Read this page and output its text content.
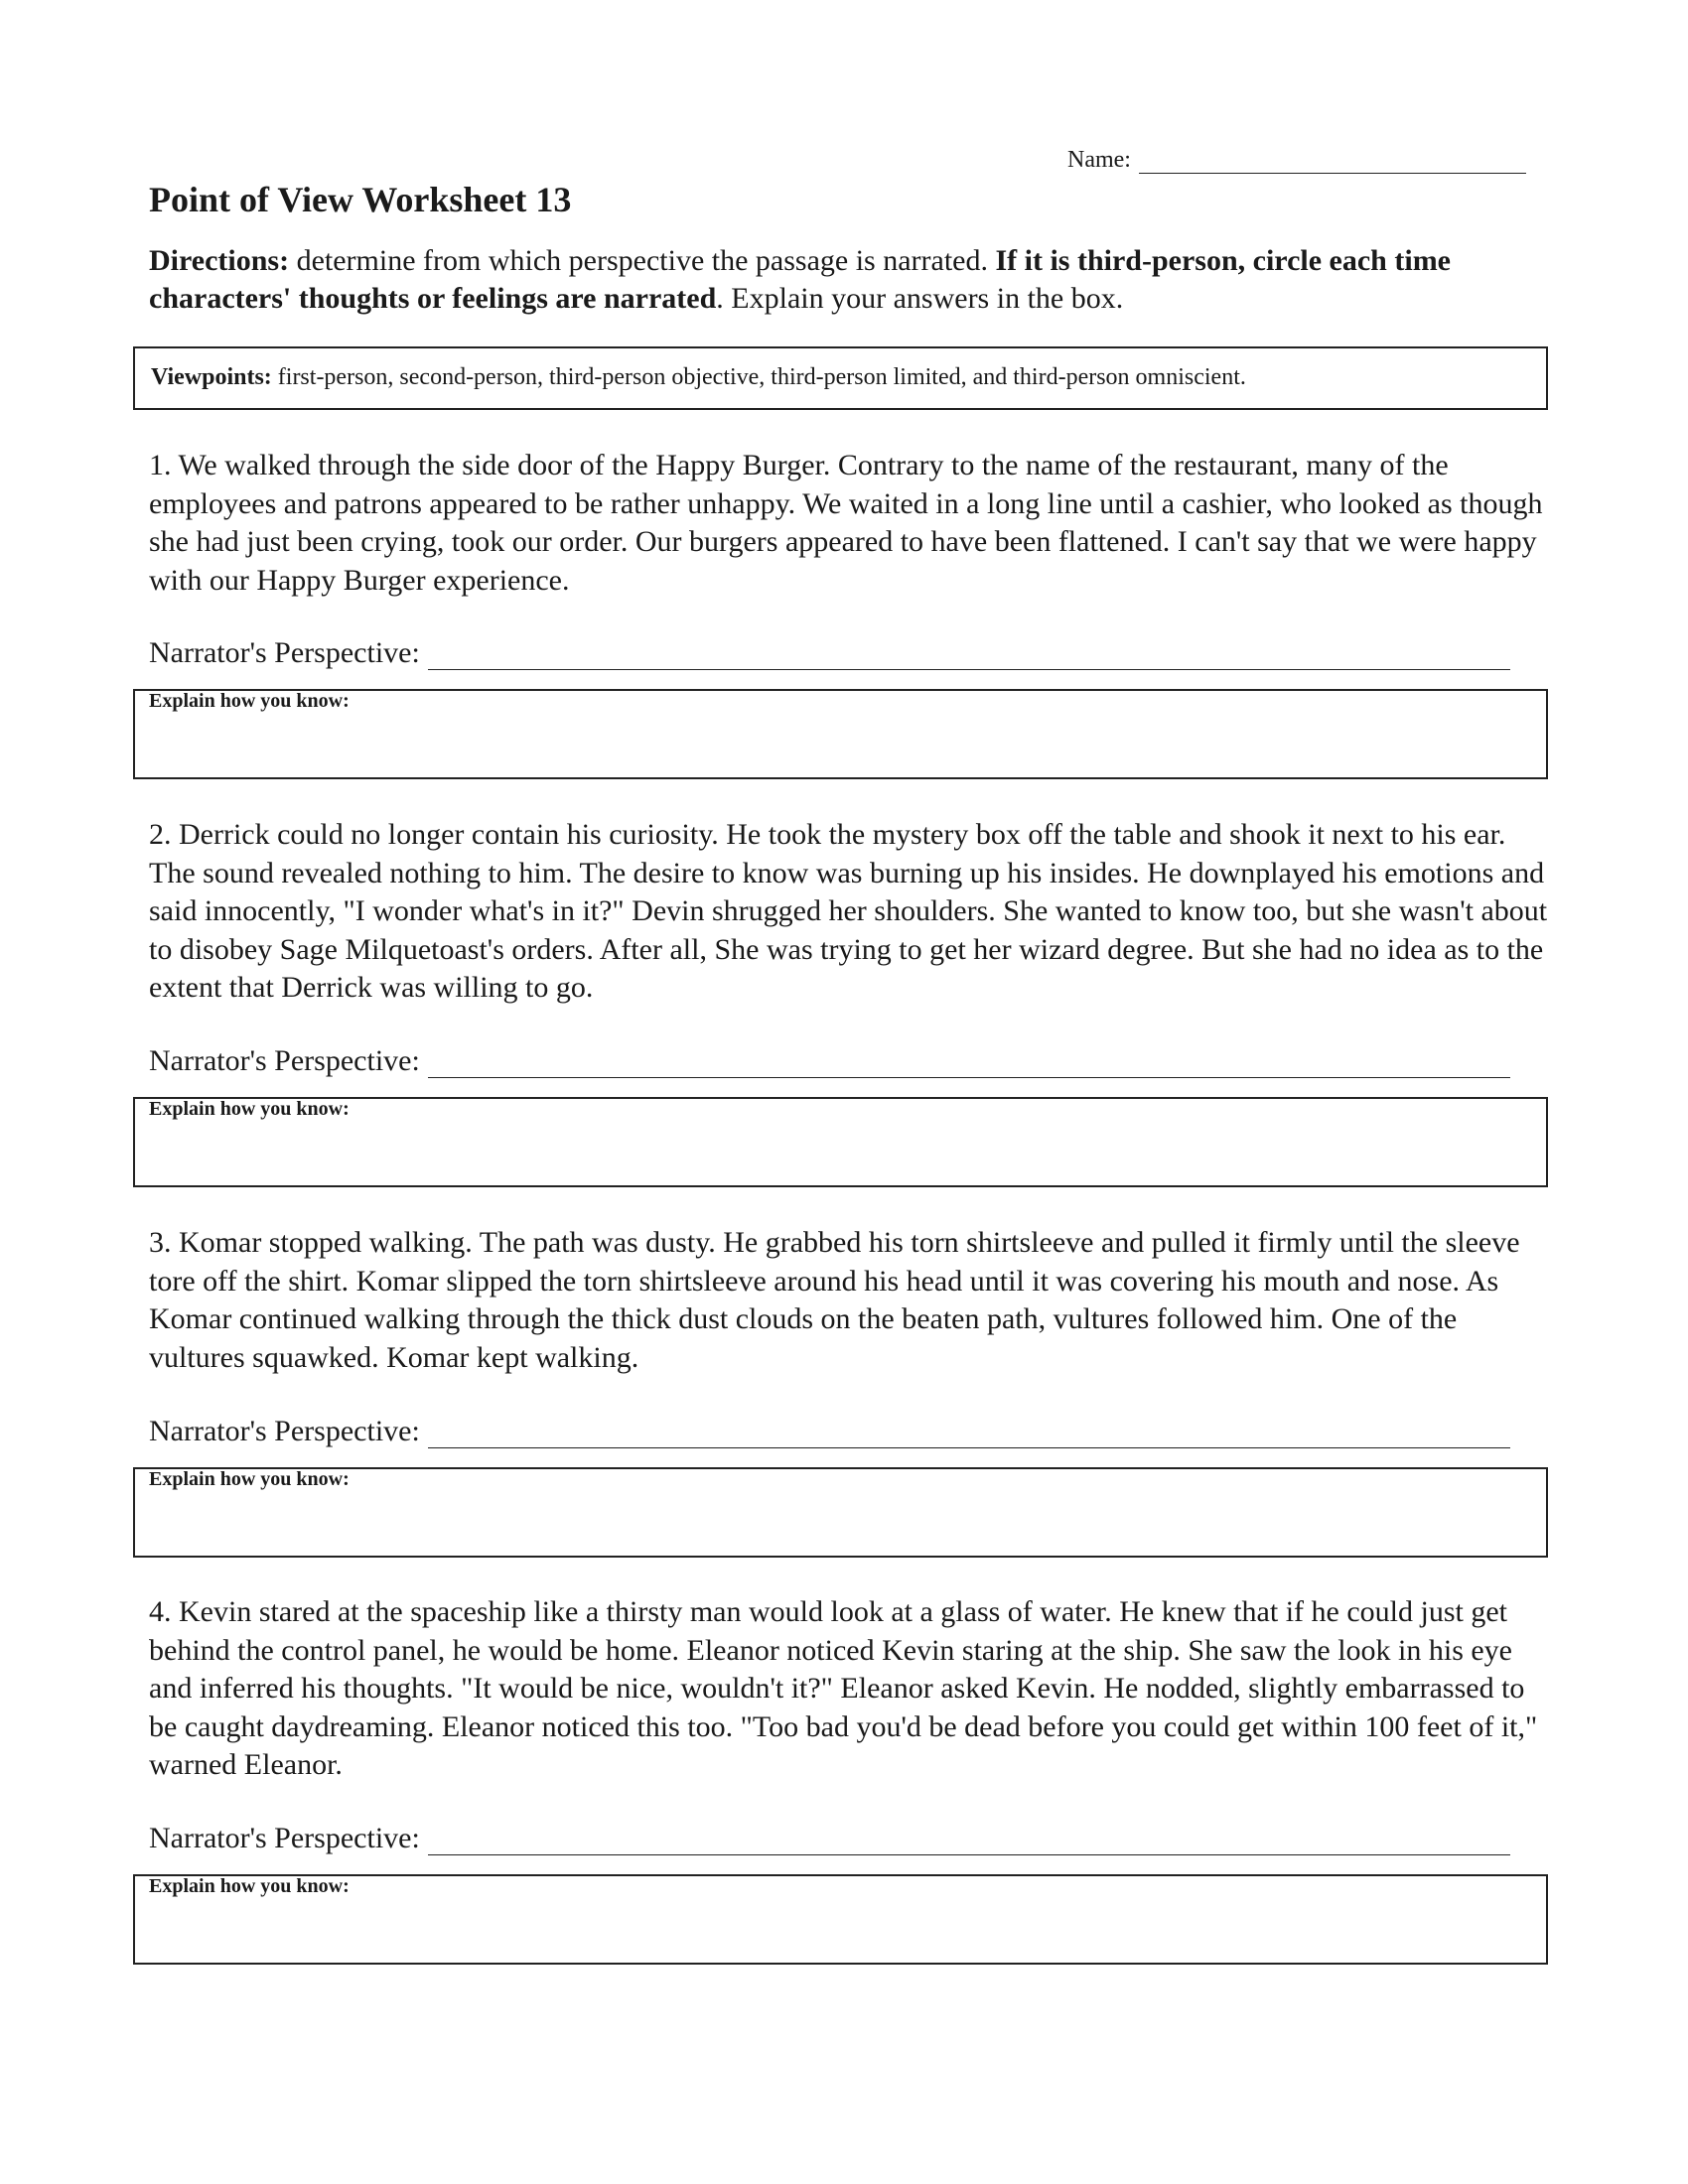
Name:
Point of View Worksheet 13
Directions: determine from which perspective the passage is narrated. If it is third-person, circle each time characters' thoughts or feelings are narrated. Explain your answers in the box.
Viewpoints: first-person, second-person, third-person objective, third-person limited, and third-person omniscient.

1. We walked through the side door of the Happy Burger. Contrary to the name of the restaurant, many of the employees and patrons appeared to be rather unhappy. We waited in a long line until a cashier, who looked as though she had just been crying, took our order. Our burgers appeared to have been flattened. I can't say that we were happy with our Happy Burger experience.

Narrator's Perspective:
Explain how you know:

2. Derrick could no longer contain his curiosity. He took the mystery box off the table and shook it next to his ear. The sound revealed nothing to him. The desire to know was burning up his insides. He downplayed his emotions and said innocently, "I wonder what's in it?" Devin shrugged her shoulders. She wanted to know too, but she wasn't about to disobey Sage Milquetoast's orders. After all, She was trying to get her wizard degree. But she had no idea as to the extent that Derrick was willing to go.

Narrator's Perspective:
Explain how you know:

3. Komar stopped walking. The path was dusty. He grabbed his torn shirtsleeve and pulled it firmly until the sleeve tore off the shirt. Komar slipped the torn shirtsleeve around his head until it was covering his mouth and nose. As Komar continued walking through the thick dust clouds on the beaten path, vultures followed him. One of the vultures squawked. Komar kept walking.

Narrator's Perspective:
Explain how you know:

4. Kevin stared at the spaceship like a thirsty man would look at a glass of water. He knew that if he could just get behind the control panel, he would be home. Eleanor noticed Kevin staring at the ship. She saw the look in his eye and inferred his thoughts. "It would be nice, wouldn't it?" Eleanor asked Kevin. He nodded, slightly embarrassed to be caught daydreaming. Eleanor noticed this too. "Too bad you'd be dead before you could get within 100 feet of it," warned Eleanor.

Narrator's Perspective:
Explain how you know:
